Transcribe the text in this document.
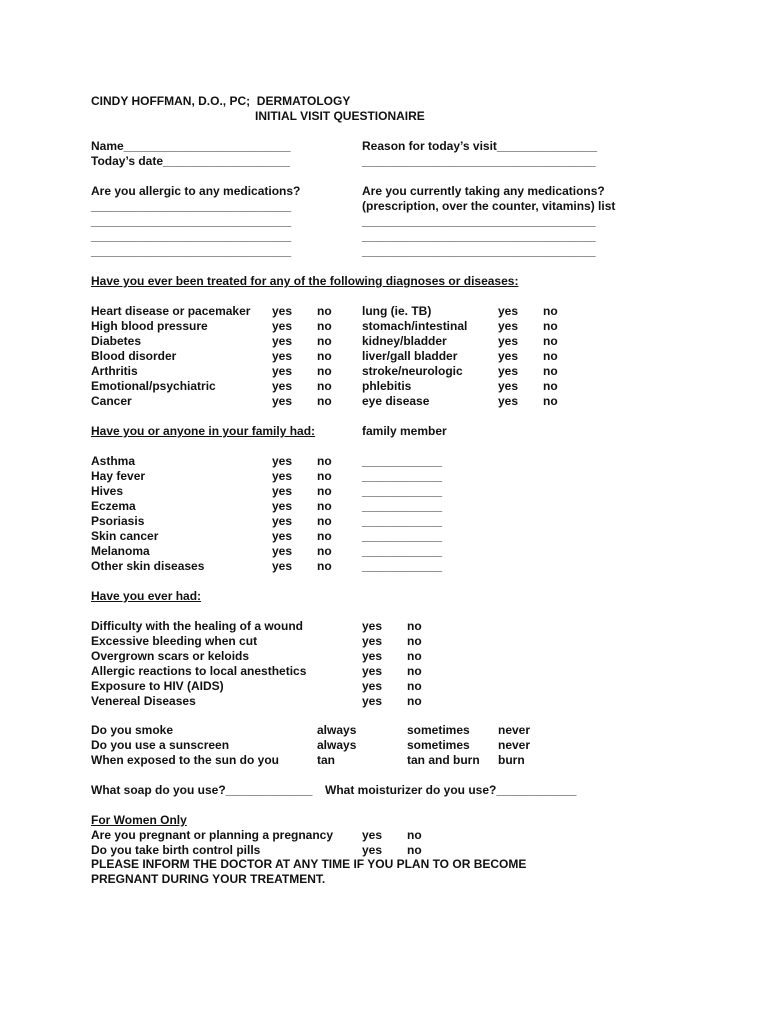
CINDY HOFFMAN, D.O., PC;  DERMATOLOGY
INITIAL VISIT QUESTIONAIRE
Name_________________________
Today’s date___________________
Reason for today’s visit_______________
___________________________________
Are you allergic to any medications?
______________________________
______________________________
______________________________
______________________________
Are you currently taking any medications?
(prescription, over the counter, vitamins) list
___________________________________
___________________________________
___________________________________
Have you ever been treated for any of the following diagnoses or diseases:
Heart disease or pacemaker
High blood pressure
Diabetes
Blood disorder
Arthritis
Emotional/psychiatric
Cancer
yes
yes
yes
yes
yes
yes
yes
no
no
no
no
no
no
no
lung (ie. TB)
stomach/intestinal
kidney/bladder
liver/gall bladder
stroke/neurologic
phlebitis
eye disease
yes
yes
yes
yes
yes
yes
yes
no
no
no
no
no
no
no
Have you or anyone in your family had:	family member
Asthma
Hay fever
Hives
Eczema
Psoriasis
Skin cancer
Melanoma
Other skin diseases
yes
yes
yes
yes
yes
yes
yes
yes
no
no
no
no
no
no
no
no
____________
____________
____________
____________
____________
____________
____________
____________
Have you ever had:
Difficulty with the healing of a wound
Excessive bleeding when cut
Overgrown scars or keloids
Allergic reactions to local anesthetics
Exposure to HIV (AIDS)
Venereal Diseases
yes
yes
yes
yes
yes
yes
no
no
no
no
no
no
Do you smoke
Do you use a sunscreen
When exposed to the sun do you
always
always
tan
sometimes
sometimes
tan and burn
never
never
burn
What soap do you use?_____________ What moisturizer do you use?____________
For Women Only
Are you pregnant or planning a pregnancy
Do you take birth control pills
yes
yes
no
no
PLEASE INFORM THE DOCTOR AT ANY TIME IF YOU PLAN TO OR BECOME
PREGNANT DURING YOUR TREATMENT.
